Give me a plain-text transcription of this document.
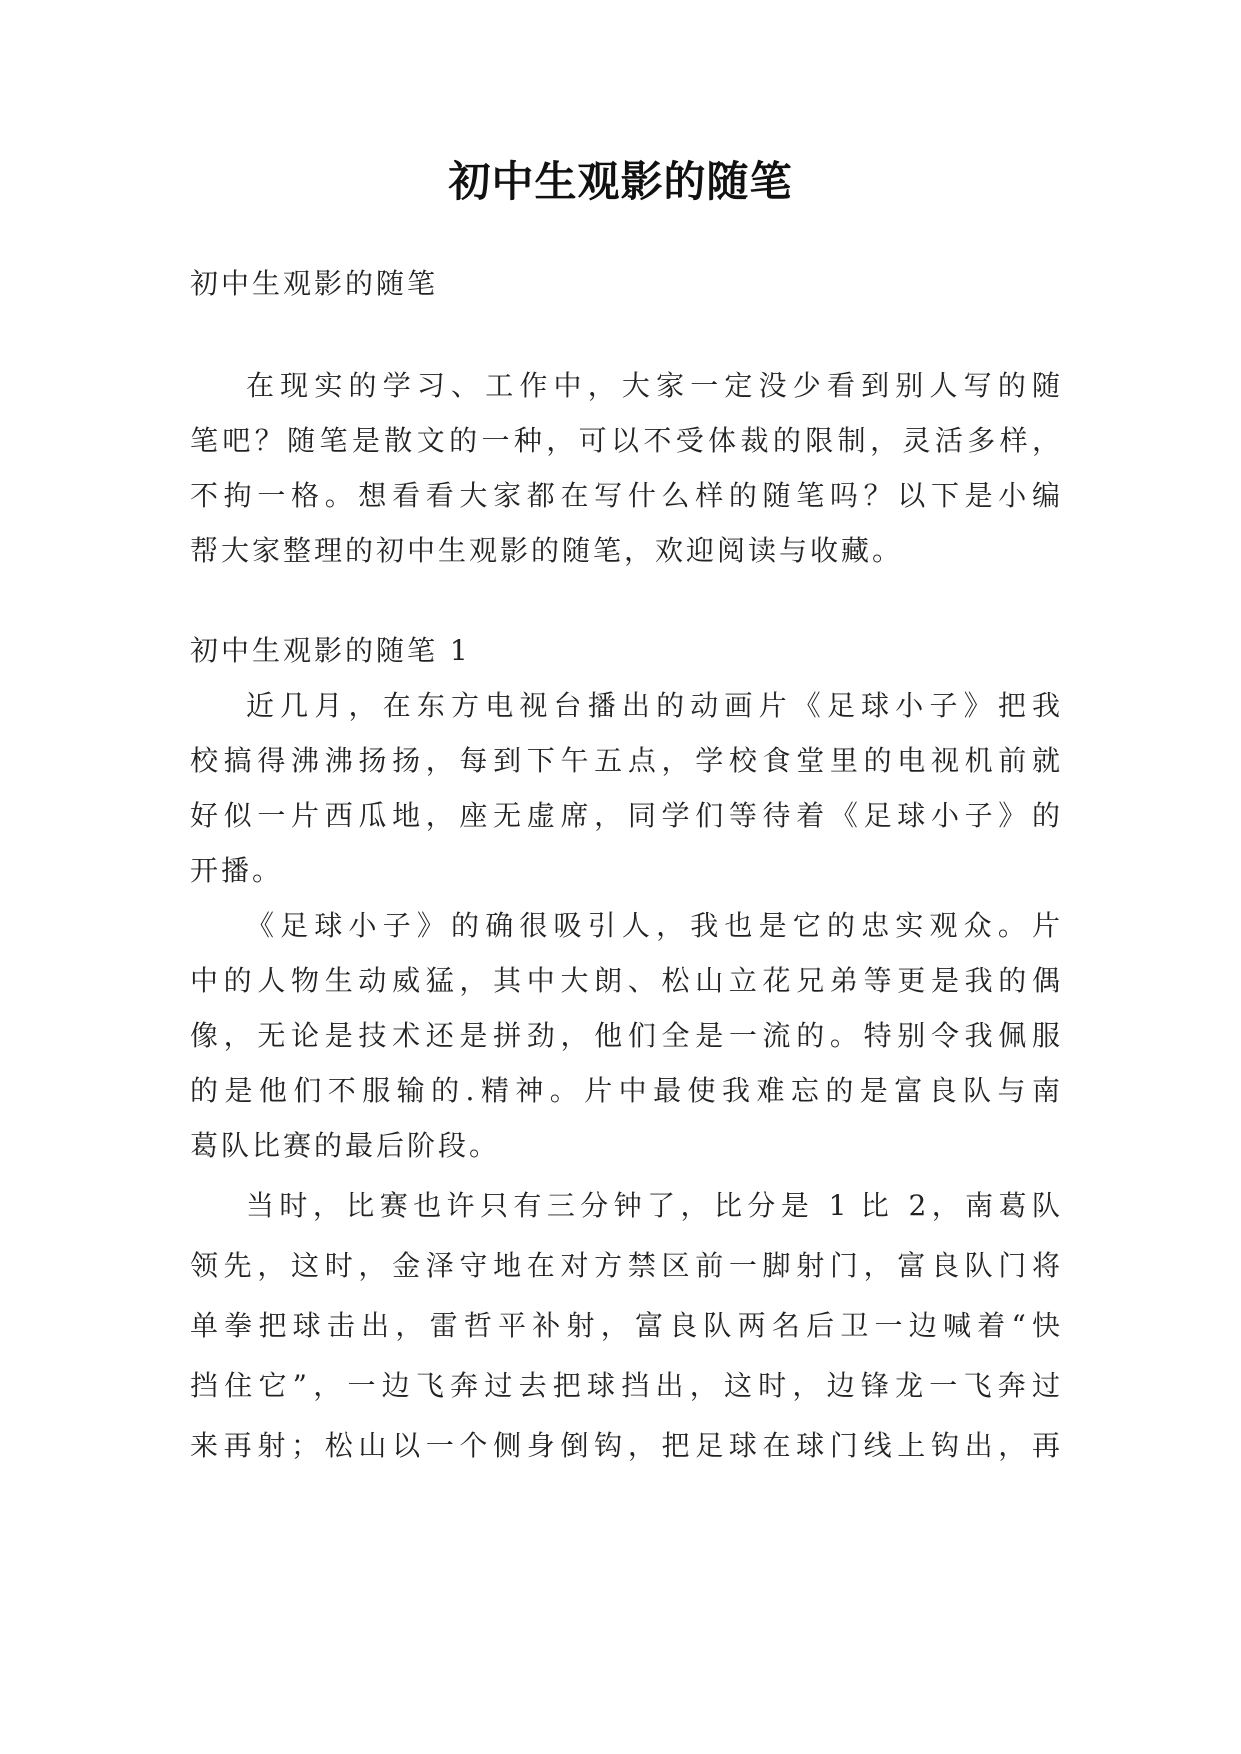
初中生观影的随笔
初中生观影的随笔
在现实的学习、工作中，大家一定没少看到别人写的随
笔吧？随笔是散文的一种，可以不受体裁的限制，灵活多样，
不拘一格。想看看大家都在写什么样的随笔吗？以下是小编
帮大家整理的初中生观影的随笔，欢迎阅读与收藏。
初中生观影的随笔 1
近几月，在东方电视台播出的动画片《足球小子》把我
校搞得沸沸扬扬，每到下午五点，学校食堂里的电视机前就
好似一片西瓜地，座无虚席，同学们等待着《足球小子》的
开播。
《足球小子》的确很吸引人，我也是它的忠实观众。片
中的人物生动威猛，其中大朗、松山立花兄弟等更是我的偶
像，无论是技术还是拼劲，他们全是一流的。特别令我佩服
的是他们不服输的.精神。片中最使我难忘的是富良队与南
葛队比赛的最后阶段。
当时，比赛也许只有三分钟了，比分是 1 比 2，南葛队
领先，这时，金泽守地在对方禁区前一脚射门，富良队门将
单拳把球击出，雷哲平补射，富良队两名后卫一边喊着“快
挡住它”，一边飞奔过去把球挡出，这时，边锋龙一飞奔过
来再射；松山以一个侧身倒钩，把足球在球门线上钩出，再
